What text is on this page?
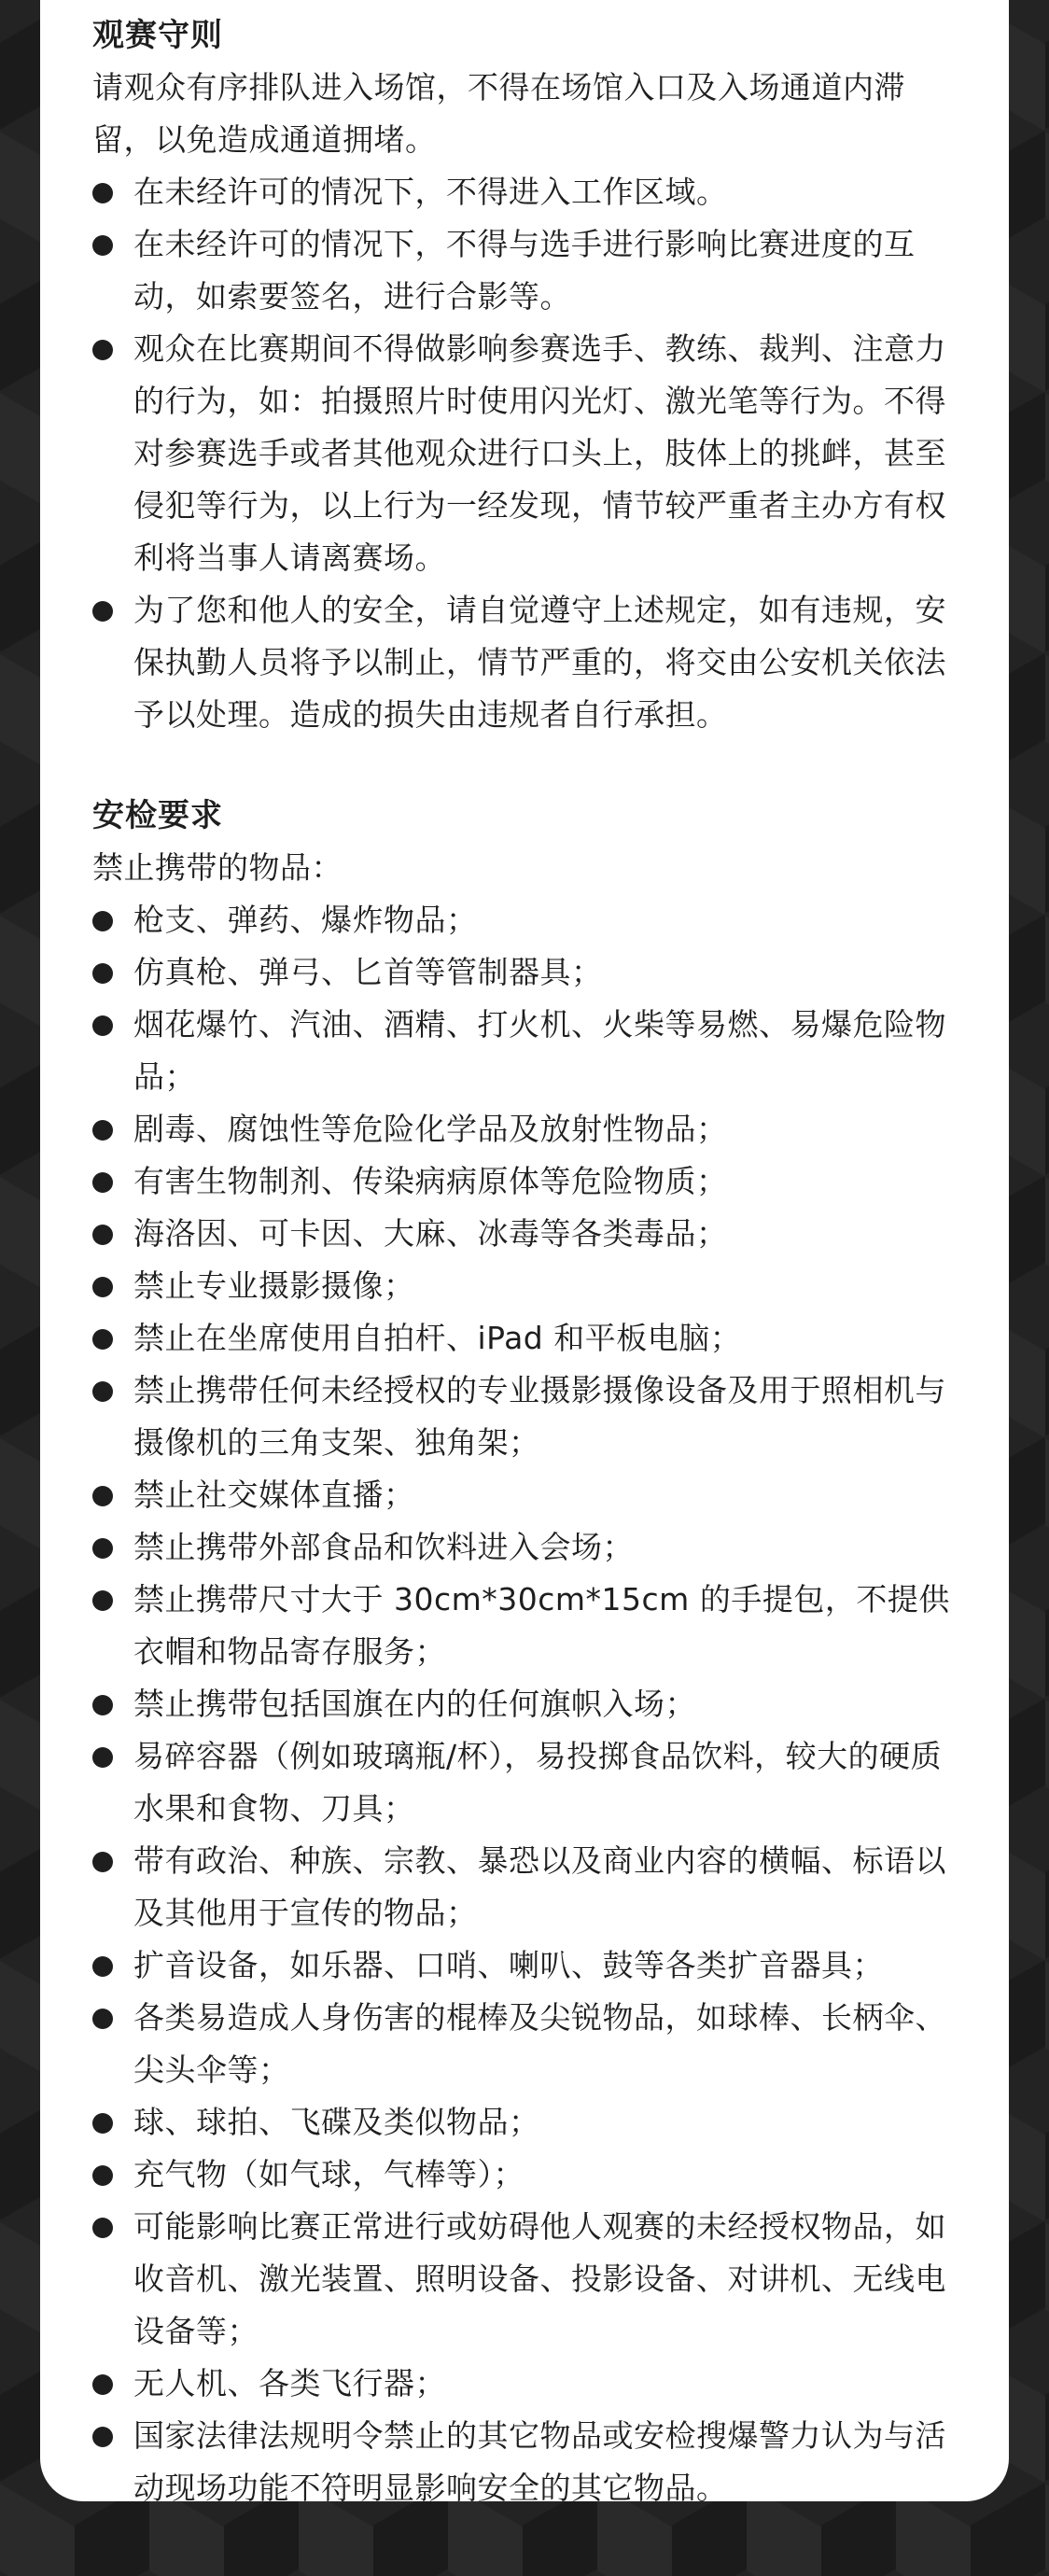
观赛守则

请观众有序排队进入场馆，不得在场馆入口及入场通道内滞留，以免造成通道拥堵。

在未经许可的情况下，不得进入工作区域。
在未经许可的情况下，不得与选手进行影响比赛进度的互动，如索要签名，进行合影等。
观众在比赛期间不得做影响参赛选手、教练、裁判、注意力的行为，如：拍摄照片时使用闪光灯、激光笔等行为。不得对参赛选手或者其他观众进行口头上，肢体上的挑衅，甚至侵犯等行为，以上行为一经发现，情节较严重者主办方有权利将当事人请离赛场。
为了您和他人的安全，请自觉遵守上述规定，如有违规，安保执勤人员将予以制止，情节严重的，将交由公安机关依法予以处理。造成的损失由违规者自行承担。
安检要求

禁止携带的物品：

枪支、弹药、爆炸物品；
仿真枪、弹弓、匕首等管制器具；
烟花爆竹、汽油、酒精、打火机、火柴等易燃、易爆危险物品；
剧毒、腐蚀性等危险化学品及放射性物品；
有害生物制剂、传染病病原体等危险物质；
海洛因、可卡因、大麻、冰毒等各类毒品；
禁止专业摄影摄像；
禁止在坐席使用自拍杆、iPad 和平板电脑；
禁止携带任何未经授权的专业摄影摄像设备及用于照相机与摄像机的三角支架、独角架；
禁止社交媒体直播；
禁止携带外部食品和饮料进入会场；
禁止携带尺寸大于 30cm*30cm*15cm 的手提包，不提供衣帽和物品寄存服务；
禁止携带包括国旗在内的任何旗帜入场；
易碎容器（例如玻璃瓶/杯），易投掷食品饮料，较大的硬质水果和食物、刀具；
带有政治、种族、宗教、暴恐以及商业内容的横幅、标语以及其他用于宣传的物品；
扩音设备，如乐器、口哨、喇叭、鼓等各类扩音器具；
各类易造成人身伤害的棍棒及尖锐物品，如球棒、长柄伞、尖头伞等；
球、球拍、飞碟及类似物品；
充气物（如气球，气棒等）；
可能影响比赛正常进行或妨碍他人观赛的未经授权物品，如收音机、激光装置、照明设备、投影设备、对讲机、无线电设备等；
无人机、各类飞行器；
国家法律法规明令禁止的其它物品或安检搜爆警力认为与活动现场功能不符明显影响安全的其它物品。
